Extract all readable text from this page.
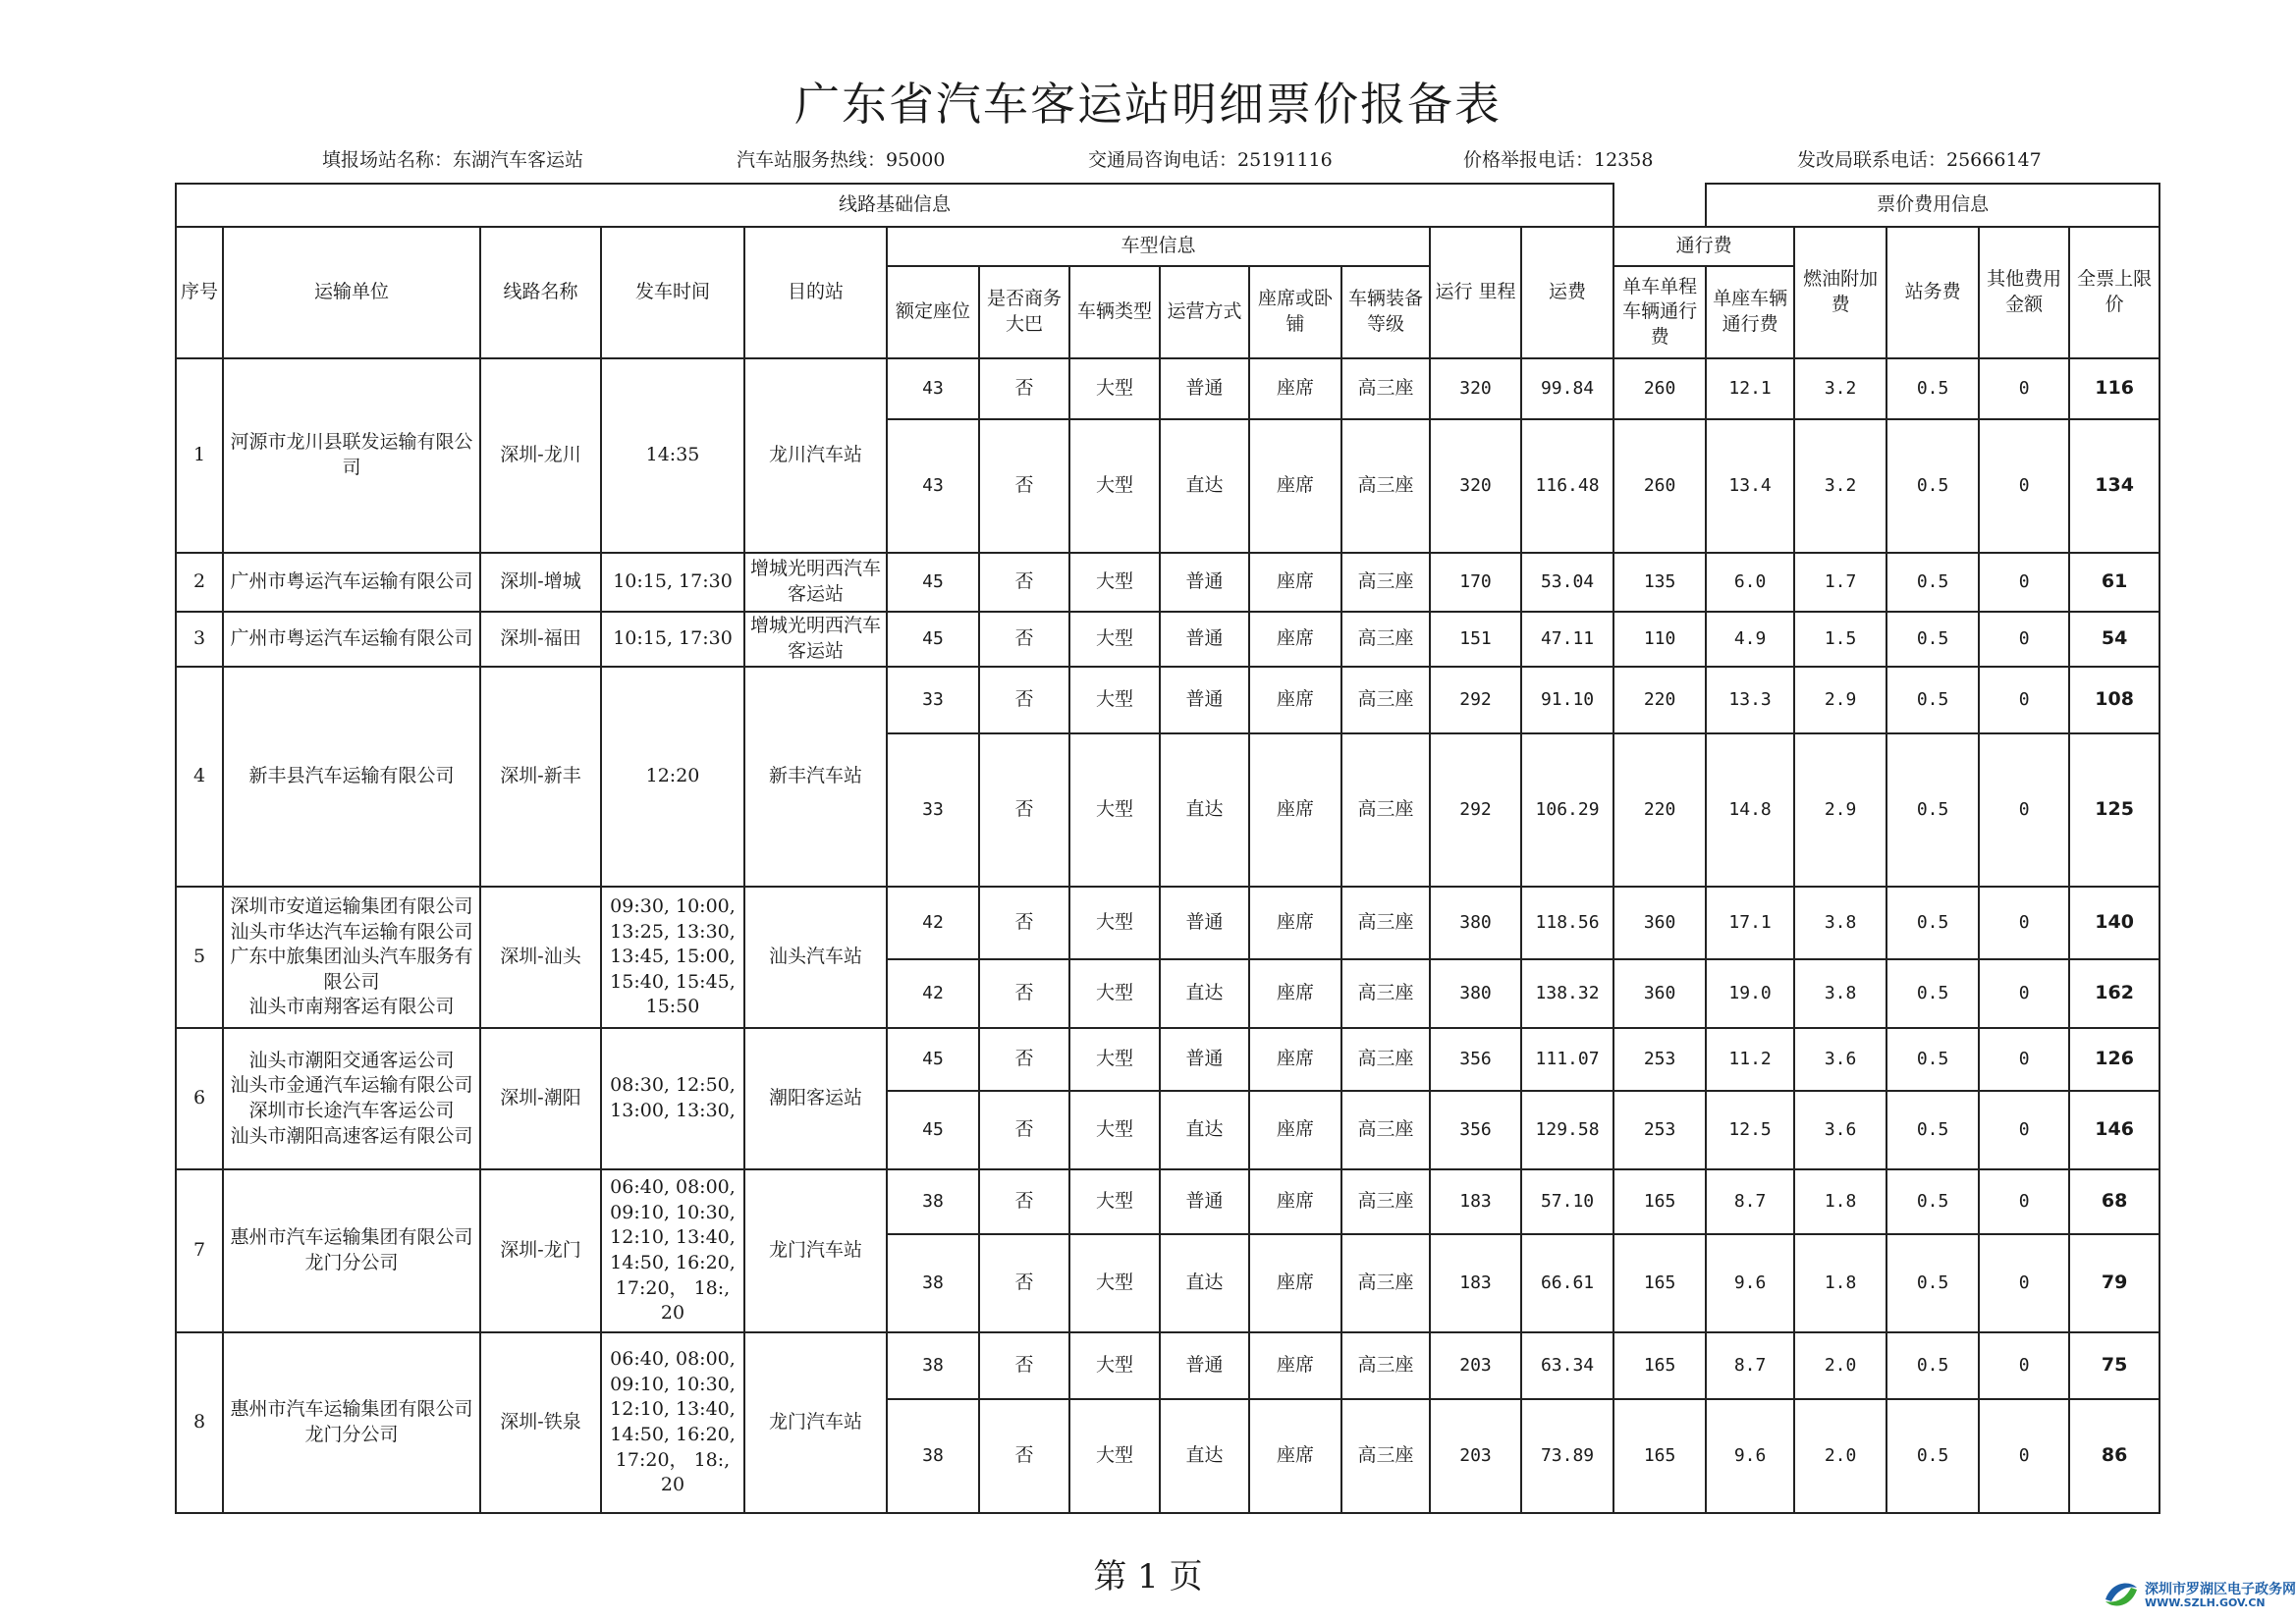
广东省汽车客运站明细票价报备表
填报场站名称：东湖汽车客运站	汽车站服务热线：95000	交通局咨询电话：25191116	价格举报电话：12358	发改局联系电话：25666147
线路基础信息														票价费用信息				
序号	运输单位	线路名称	发车时间	目的站	车型信息						运行 里程	运费	通行费		燃油附加费	站务费	其他费用金额	全票上限价
					额定座位	是否商务大巴	车辆类型	运营方式	座席或卧铺	车辆装备等级			单车单程车辆通行费	单座车辆通行费				
1	河源市龙川县联发运输有限公司	深圳-龙川	14:35	龙川汽车站	43	否	大型	普通	座席	高三座	320	99.84	260	12.1	3.2	0.5	0	116
					43	否	大型	直达	座席	高三座	320	116.48	260	13.4	3.2	0.5	0	134
2	广州市粤运汽车运输有限公司	深圳-增城	10:15, 17:30	增城光明西汽车客运站	45	否	大型	普通	座席	高三座	170	53.04	135	6.0	1.7	0.5	0	61
3	广州市粤运汽车运输有限公司	深圳-福田	10:15, 17:30	增城光明西汽车客运站	45	否	大型	普通	座席	高三座	151	47.11	110	4.9	1.5	0.5	0	54
4	新丰县汽车运输有限公司	深圳-新丰	12:20	新丰汽车站	33	否	大型	普通	座席	高三座	292	91.10	220	13.3	2.9	0.5	0	108
					33	否	大型	直达	座席	高三座	292	106.29	220	14.8	2.9	0.5	0	125
5	深圳市安道运输集团有限公司
汕头市华达汽车运输有限公司
广东中旅集团汕头汽车服务有限公司
汕头市南翔客运有限公司	深圳-汕头	09:30, 10:00,
13:25, 13:30,
13:45, 15:00,
15:40, 15:45,
15:50	汕头汽车站	42	否	大型	普通	座席	高三座	380	118.56	360	17.1	3.8	0.5	0	140
					42	否	大型	直达	座席	高三座	380	138.32	360	19.0	3.8	0.5	0	162
6	汕头市潮阳交通客运公司
汕头市金通汽车运输有限公司
深圳市长途汽车客运公司
汕头市潮阳高速客运有限公司	深圳-潮阳	08:30, 12:50,
13:00, 13:30,	潮阳客运站	45	否	大型	普通	座席	高三座	356	111.07	253	11.2	3.6	0.5	0	126
					45	否	大型	直达	座席	高三座	356	129.58	253	12.5	3.6	0.5	0	146
7	惠州市汽车运输集团有限公司
龙门分公司	深圳-龙门	06:40, 08:00,
09:10, 10:30,
12:10, 13:40,
14:50, 16:20,
17:20， 18:, 20	龙门汽车站	38	否	大型	普通	座席	高三座	183	57.10	165	8.7	1.8	0.5	0	68
					38	否	大型	直达	座席	高三座	183	66.61	165	9.6	1.8	0.5	0	79
8	惠州市汽车运输集团有限公司
龙门分公司	深圳-铁泉	06:40, 08:00,
09:10, 10:30,
12:10, 13:40,
14:50, 16:20,
17:20， 18:, 20	龙门汽车站	38	否	大型	普通	座席	高三座	203	63.34	165	8.7	2.0	0.5	0	75
					38	否	大型	直达	座席	高三座	203	73.89	165	9.6	2.0	0.5	0	86
第 1 页	深圳市罗湖区电子政务网
WWW.SZLH.GOV.CN
